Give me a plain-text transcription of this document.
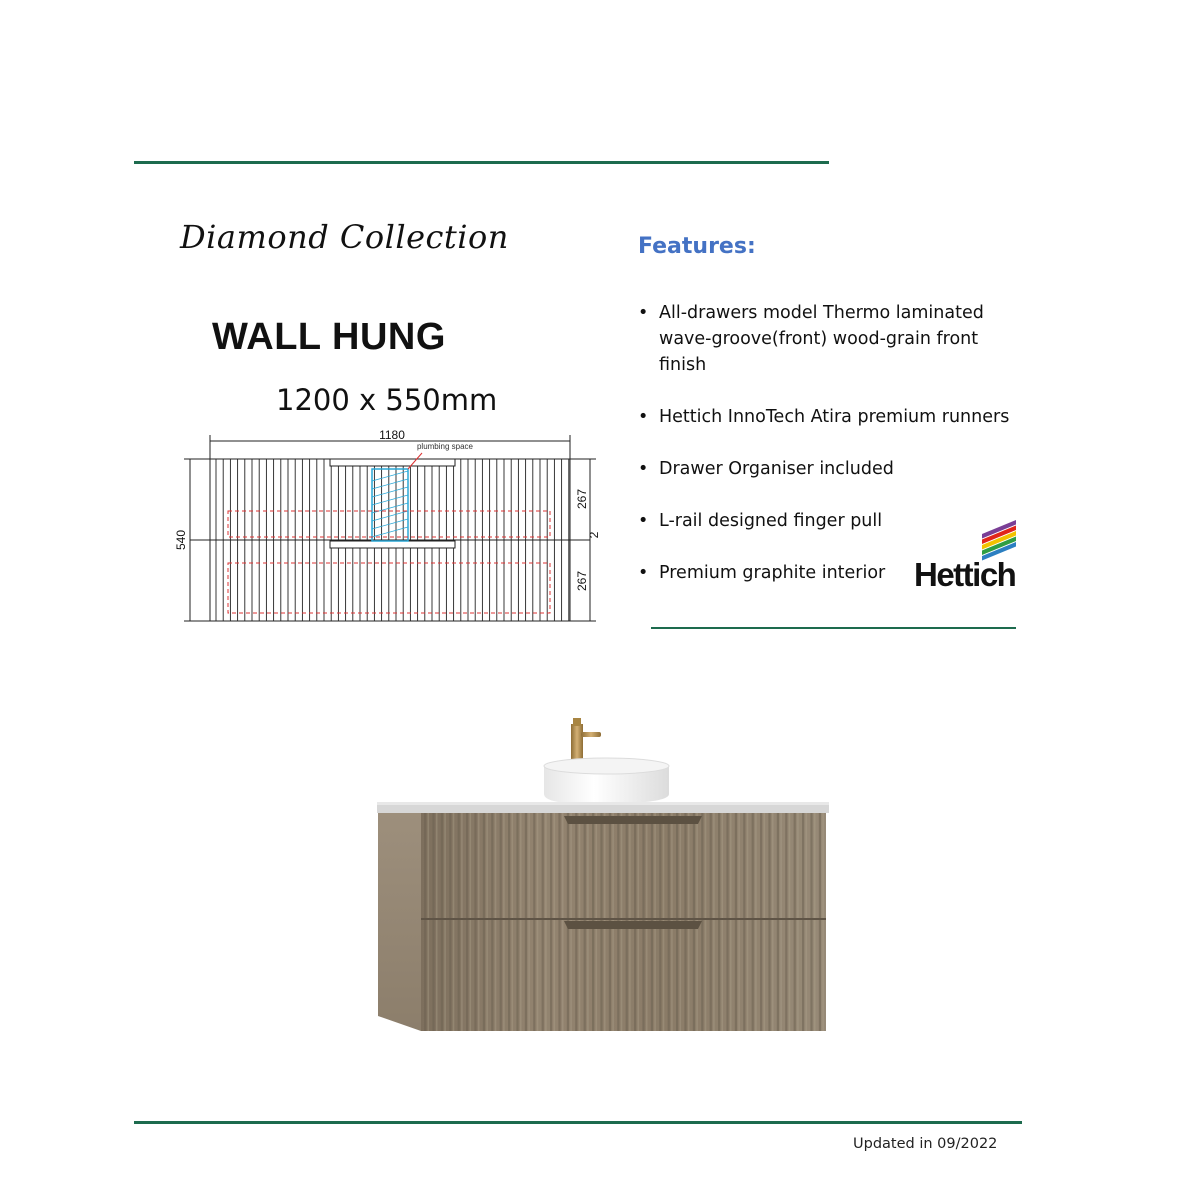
Diamond Collection
WALL HUNG
1200 x 550mm
1180
plumbing space
540
267
2
267
Features:
• All-drawers model Thermo laminated wave-groove(front) wood-grain front finish
• Hettich InnoTech Atira premium runners
• Drawer Organiser included
• L-rail designed finger pull
• Premium graphite interior Hettich
Updated in 09/2022
